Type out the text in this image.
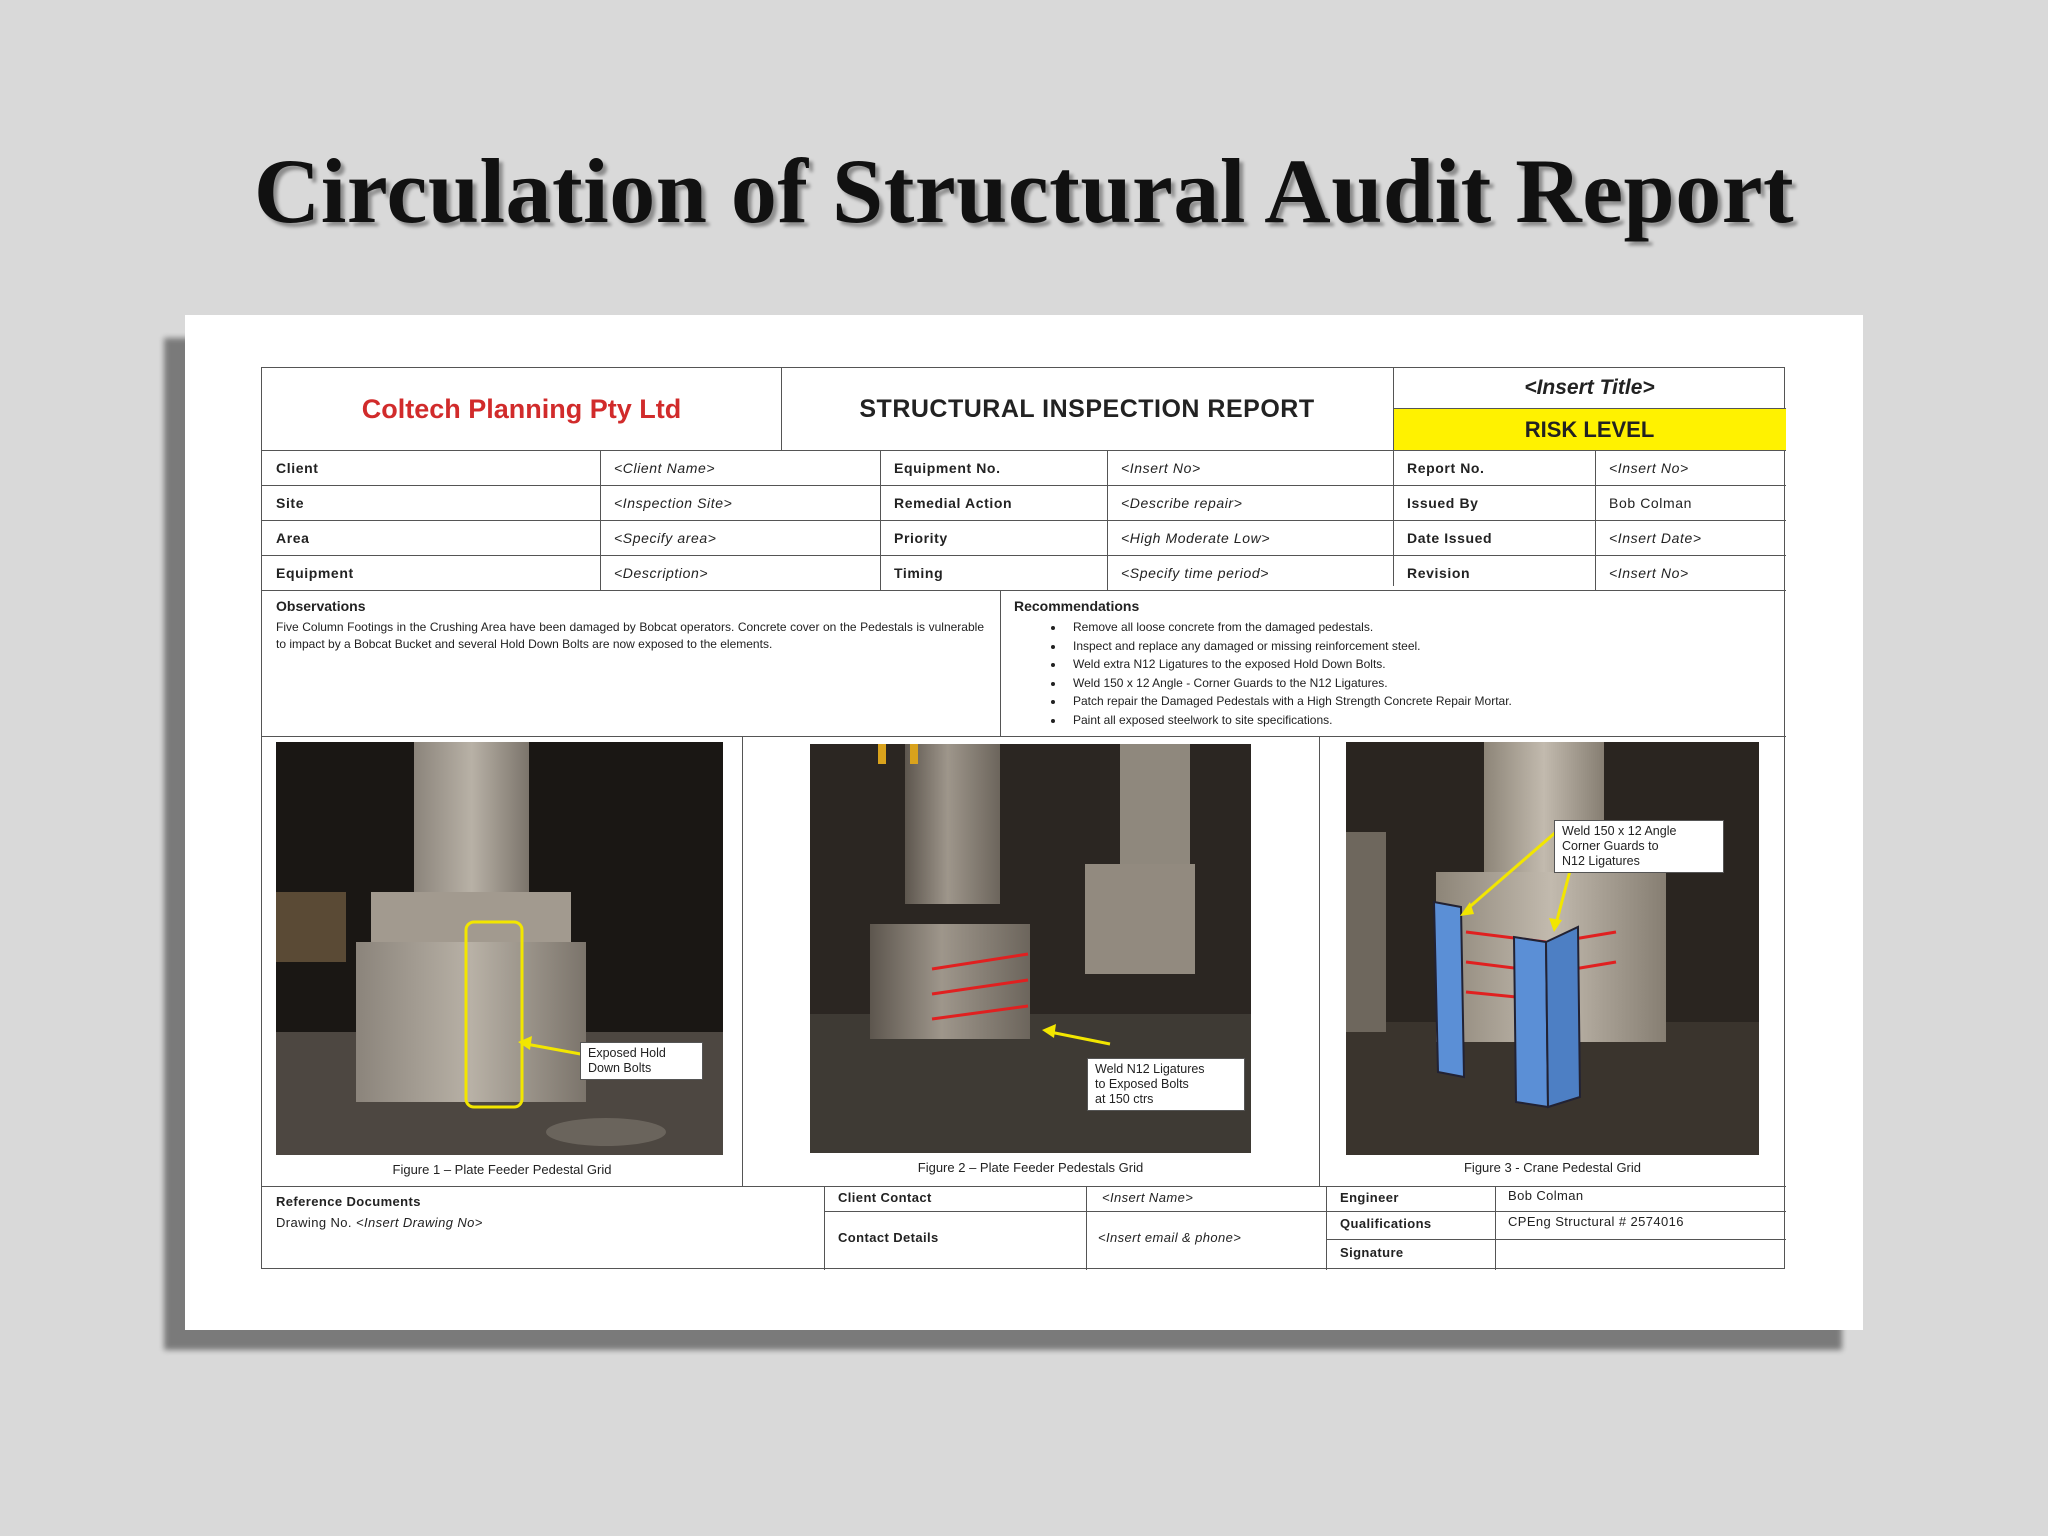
Circulation of Structural Audit Report
Coltech Planning Pty Ltd	STRUCTURAL INSPECTION REPORT
<Insert Title>
RISK LEVEL
Client	<Client Name>	Equipment No.	<Insert No>	Report No.	<Insert No>
Site	<Inspection Site>	Remedial Action	<Describe repair>	Issued By	Bob Colman
Area	<Specify area>	Priority	<High Moderate Low>	Date Issued	<Insert Date>
Equipment	<Description>	Timing	<Specify time period>	Revision	<Insert No>
Observations
Five Column Footings in the Crushing Area have been damaged by Bobcat operators. Concrete cover on the Pedestals is vulnerable to impact by a Bobcat Bucket and several Hold Down Bolts are now exposed to the elements.
Recommendations
• Remove all loose concrete from the damaged pedestals.
• Inspect and replace any damaged or missing reinforcement steel.
• Weld extra N12 Ligatures to the exposed Hold Down Bolts.
• Weld 150 x 12 Angle - Corner Guards to the N12 Ligatures.
• Patch repair the Damaged Pedestals with a High Strength Concrete Repair Mortar.
• Paint all exposed steelwork to site specifications.
Exposed Hold
Down Bolts
Figure 1 – Plate Feeder Pedestal Grid
Weld N12 Ligatures
to Exposed Bolts
at 150 ctrs
Figure 2 – Plate Feeder Pedestals Grid
Weld 150 x 12 Angle
Corner Guards to
N12 Ligatures
Figure 3 - Crane Pedestal Grid
Reference Documents
Drawing No. <Insert Drawing No>
Client Contact	<Insert Name>
Contact Details	<Insert email & phone>
Engineer	Bob Colman
Qualifications	CPEng Structural # 2574016
Signature
